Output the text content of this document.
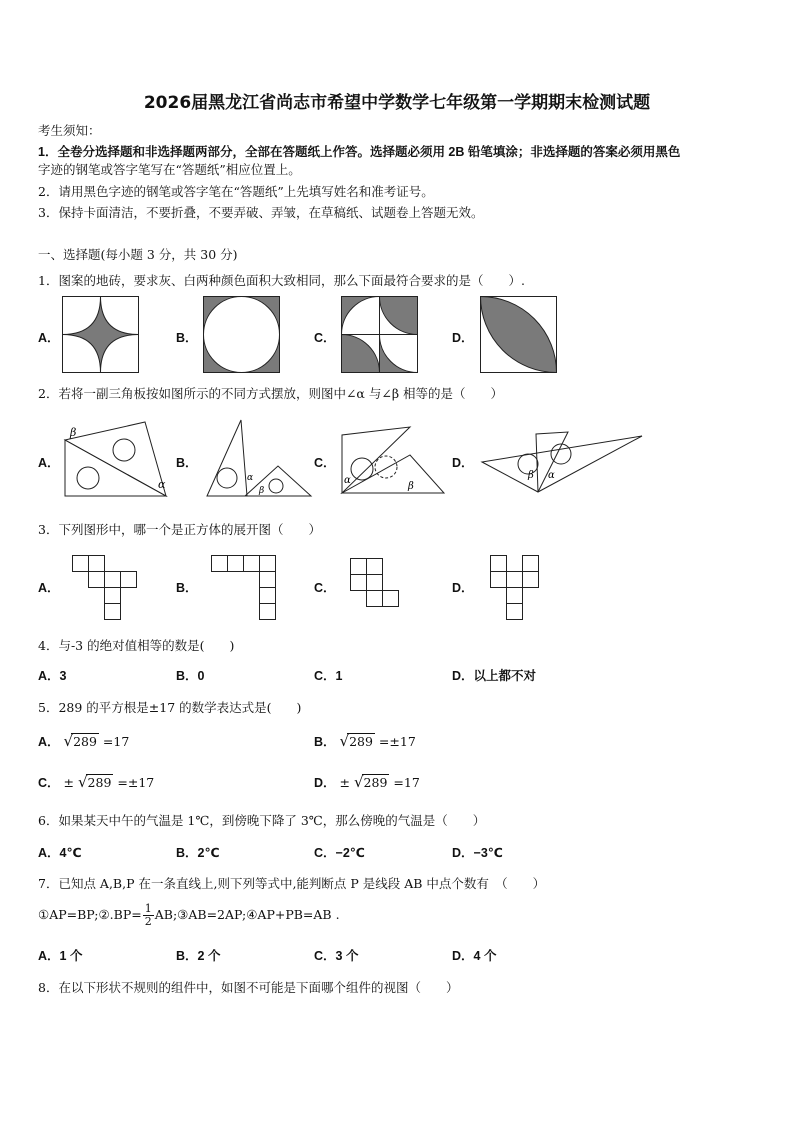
2026届黑龙江省尚志市希望中学数学七年级第一学期期末检测试题
考生须知：
1．全卷分选择题和非选择题两部分，全部在答题纸上作答。选择题必须用 2B 铅笔填涂；非选择题的答案必须用黑色
字迹的钢笔或答字笔写在“答题纸”相应位置上。
2．请用黑色字迹的钢笔或答字笔在“答题纸”上先填写姓名和准考证号。
3．保持卡面清洁，不要折叠，不要弄破、弄皱，在草稿纸、试题卷上答题无效。
一、选择题(每小题 3 分，共 30 分)
1．图案的地砖，要求灰、白两种颜色面积大致相同，那么下面最符合要求的是（　　）.
A．	B．	C．	D．
2．若将一副三角板按如图所示的不同方式摆放，则图中∠α 与∠β 相等的是（　　）
A．	B．	C．	D．
β
α	α
β
α
β
β α
3．下列图形中，哪一个是正方体的展开图（　　）
A．	B．	C．	D．
4．与-3 的绝对值相等的数是(　　)
A．3	B．0	C．1	D．以上都不对
5．289 的平方根是±17 的数学表达式是(　　)
A． √289 =17	B． √289 =±17
C． ± √289 =±17	D． ± √289 =17
6．如果某天中午的气温是 1℃，到傍晚下降了 3℃，那么傍晚的气温是（　　）
A．4℃	B．2℃	C．−2℃	D．−3℃
7．已知点 A,B,P 在一条直线上,则下列等式中,能判断点 P 是线段 AB 中点个数有　（　　）
①AP=BP;②.BP= $\frac{1}{2}$ AB;③AB=2AP;④AP+PB=AB .
A．1 个	B．2 个	C．3 个	D．4 个
8．在以下形状不规则的组件中，如图不可能是下面哪个组件的视图（　　）
